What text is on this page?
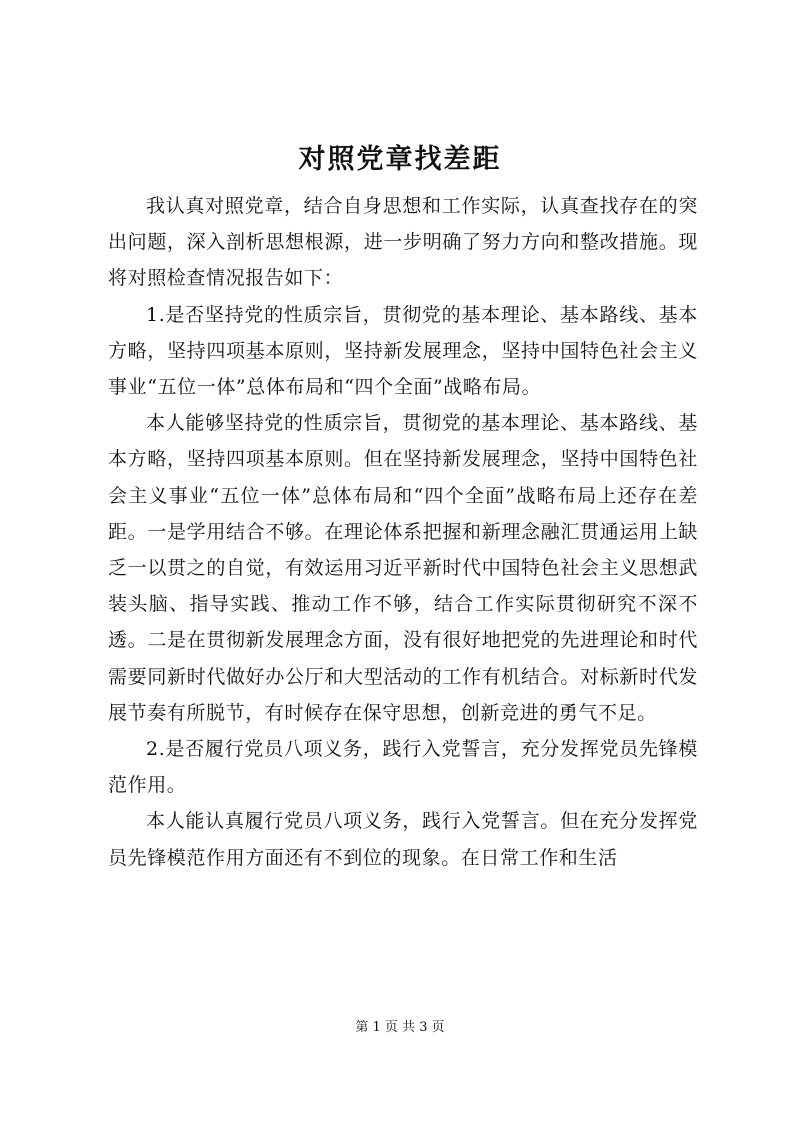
对照党章找差距

我认真对照党章，结合自身思想和工作实际，认真查找存在的突出问题，深入剖析思想根源，进一步明确了努力方向和整改措施。现将对照检查情况报告如下：

1.是否坚持党的性质宗旨，贯彻党的基本理论、基本路线、基本方略，坚持四项基本原则，坚持新发展理念，坚持中国特色社会主义事业“五位一体”总体布局和“四个全面”战略布局。

本人能够坚持党的性质宗旨，贯彻党的基本理论、基本路线、基本方略，坚持四项基本原则。但在坚持新发展理念，坚持中国特色社会主义事业“五位一体”总体布局和“四个全面”战略布局上还存在差距。一是学用结合不够。在理论体系把握和新理念融汇贯通运用上缺乏一以贯之的自觉，有效运用习近平新时代中国特色社会主义思想武装头脑、指导实践、推动工作不够，结合工作实际贯彻研究不深不透。二是在贯彻新发展理念方面，没有很好地把党的先进理论和时代需要同新时代做好办公厅和大型活动的工作有机结合。对标新时代发展节奏有所脱节，有时候存在保守思想，创新竞进的勇气不足。

2.是否履行党员八项义务，践行入党誓言，充分发挥党员先锋模范作用。

本人能认真履行党员八项义务，践行入党誓言。但在充分发挥党员先锋模范作用方面还有不到位的现象。在日常工作和生活

第 1 页 共 3 页
